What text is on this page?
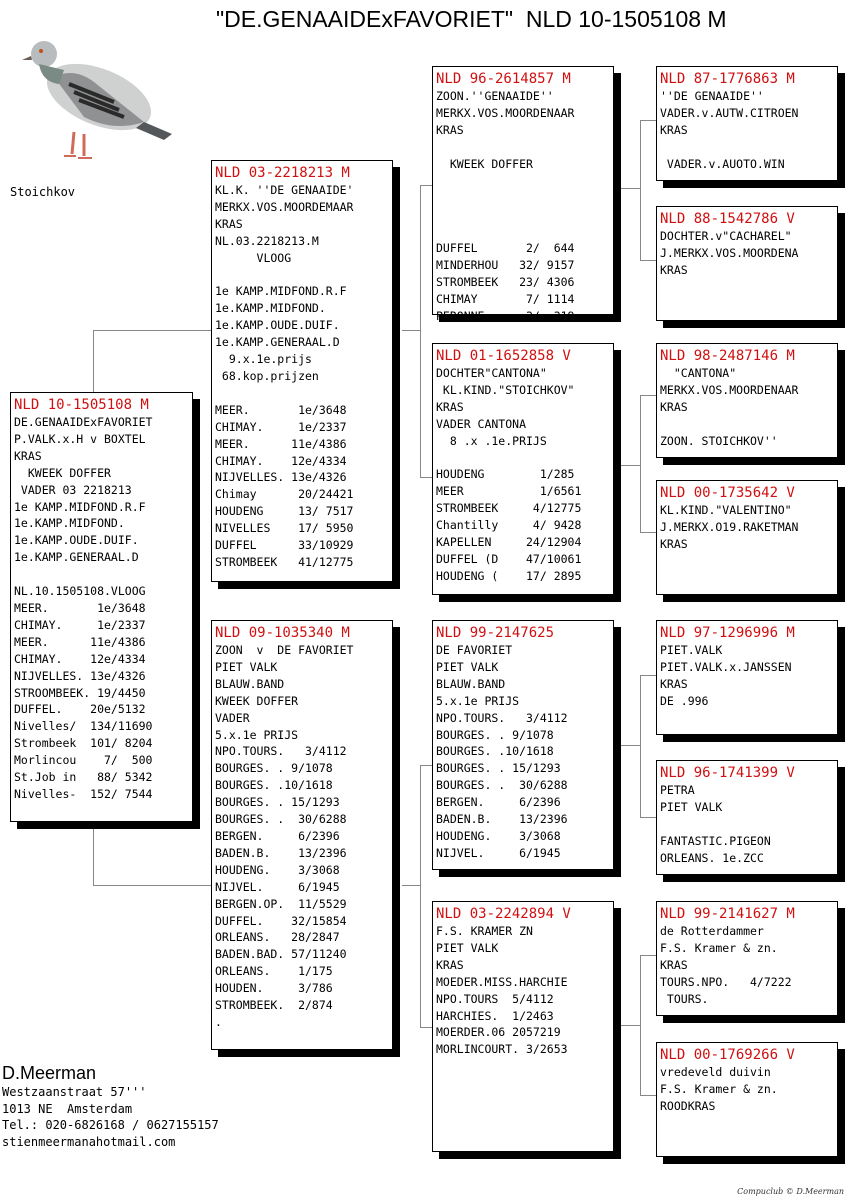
"DE.GENAAIDExFAVORIET"  NLD 10-1505108 M
Stoichkov
NLD 10-1505108 M
DE.GENAAIDExFAVORIET
P.VALK.x.H v BOXTEL
KRAS
KWEEK DOFFER
VADER 03 2218213
1e KAMP.MIDFOND.R.F
1e.KAMP.MIDFOND.
1e.KAMP.OUDE.DUIF.
1e.KAMP.GENERAAL.D

NL.10.1505108.VLOOG
MEER.       1e/3648
CHIMAY.     1e/2337
MEER.      11e/4386
CHIMAY.    12e/4334
NIJVELLES. 13e/4326
STROOMBEEK. 19/4450
DUFFEL.    20e/5132
Nivelles/  134/11690
Strombeek  101/ 8204
Morlincou    7/  500
St.Job in   88/ 5342
Nivelles-  152/ 7544
NLD 03-2218213 M
KL.K. ''DE GENAAIDE'
MERKX.VOS.MOORDEMAAR
KRAS
NL.03.2218213.M
VLOOG

1e KAMP.MIDFOND.R.F
1e.KAMP.MIDFOND.
1e.KAMP.OUDE.DUIF.
1e.KAMP.GENERAAL.D
9.x.1e.prijs
68.kop.prijzen

MEER.       1e/3648
CHIMAY.     1e/2337
MEER.      11e/4386
CHIMAY.    12e/4334
NIJVELLES. 13e/4326
Chimay      20/24421
HOUDENG     13/ 7517
NIVELLES    17/ 5950
DUFFEL      33/10929
STROMBEEK   41/12775
NLD 09-1035340 M
ZOON  v  DE FAVORIET
PIET VALK
BLAUW.BAND
KWEEK DOFFER
VADER
5.x.1e PRIJS
NPO.TOURS.   3/4112
BOURGES. . 9/1078
BOURGES. .10/1618
BOURGES. . 15/1293
BOURGES. .  30/6288
BERGEN.     6/2396
BADEN.B.    13/2396
HOUDENG.    3/3068
NIJVEL.     6/1945
BERGEN.OP.  11/5529
DUFFEL.    32/15854
ORLEANS.   28/2847
BADEN.BAD. 57/11240
ORLEANS.    1/175
HOUDEN.     3/786
STROMBEEK.  2/874
.
NLD 96-2614857 M
ZOON.''GENAAIDE''
MERKX.VOS.MOORDENAAR
KRAS

KWEEK DOFFER

DUFFEL       2/  644
MINDERHOU   32/ 9157
STROMBEEK   23/ 4306
CHIMAY       7/ 1114
PERONNE      3/  319
NLD 01-1652858 V
DOCHTER"CANTONA"
KL.KIND."STOICHKOV"
KRAS
VADER CANTONA
8 .x .1e.PRIJS

HOUDENG        1/285
MEER           1/6561
STROMBEEK     4/12775
Chantilly     4/ 9428
KAPELLEN     24/12904
DUFFEL (D    47/10061
HOUDENG (    17/ 2895
NLD 99-2147625
DE FAVORIET
PIET VALK
BLAUW.BAND
5.x.1e PRIJS
NPO.TOURS.   3/4112
BOURGES. . 9/1078
BOURGES. .10/1618
BOURGES. . 15/1293
BOURGES. .  30/6288
BERGEN.     6/2396
BADEN.B.    13/2396
HOUDENG.    3/3068
NIJVEL.     6/1945
NLD 03-2242894 V
F.S. KRAMER ZN
PIET VALK
KRAS
MOEDER.MISS.HARCHIE
NPO.TOURS  5/4112
HARCHIES.  1/2463
MOERDER.06 2057219
MORLINCOURT. 3/2653
NLD 87-1776863 M
''DE GENAAIDE''
VADER.v.AUTW.CITROEN
KRAS

VADER.v.AUOTO.WIN
NLD 88-1542786 V
DOCHTER.v"CACHAREL"
J.MERKX.VOS.MOORDENA
KRAS
NLD 98-2487146 M
"CANTONA"
MERKX.VOS.MOORDENAAR
KRAS

ZOON. STOICHKOV''
NLD 00-1735642 V
KL.KIND."VALENTINO"
J.MERKX.O19.RAKETMAN
KRAS
NLD 97-1296996 M
PIET.VALK
PIET.VALK.x.JANSSEN
KRAS
DE .996
NLD 96-1741399 V
PETRA
PIET VALK

FANTASTIC.PIGEON
ORLEANS. 1e.ZCC
NLD 99-2141627 M
de Rotterdammer
F.S. Kramer & zn.
KRAS
TOURS.NPO.   4/7222
TOURS.
NLD 00-1769266 V
vredeveld duivin
F.S. Kramer & zn.
ROODKRAS
D.Meerman
Westzaanstraat 57'''
1013 NE  Amsterdam
Tel.: 020-6826168 / 0627155157
stienmeermanahotmail.com
Compuclub © D.Meerman
